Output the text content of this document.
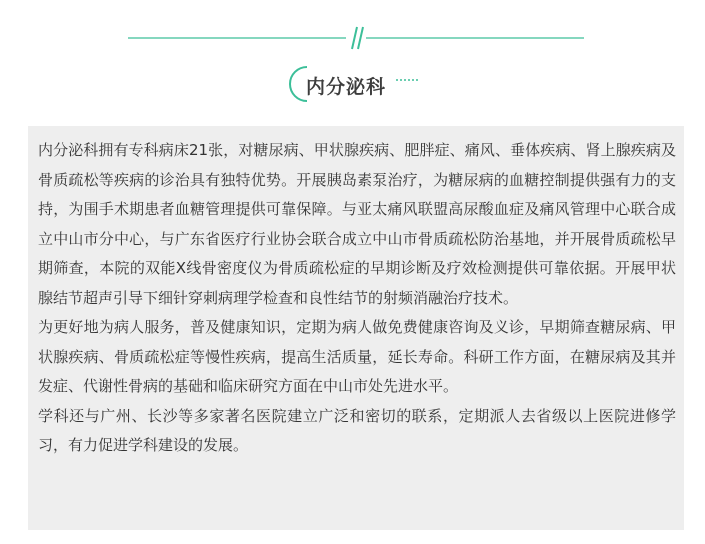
内分泌科

内分泌科拥有专科病床21张，对糖尿病、甲状腺疾病、肥胖症、痛风、垂体疾病、肾上腺疾病及骨质疏松等疾病的诊治具有独特优势。开展胰岛素泵治疗，为糖尿病的血糖控制提供强有力的支持，为围手术期患者血糖管理提供可靠保障。与亚太痛风联盟高尿酸血症及痛风管理中心联合成立中山市分中心，与广东省医疗行业协会联合成立中山市骨质疏松防治基地，并开展骨质疏松早期筛查，本院的双能X线骨密度仪为骨质疏松症的早期诊断及疗效检测提供可靠依据。开展甲状腺结节超声引导下细针穿刺病理学检查和良性结节的射频消融治疗技术。

为更好地为病人服务，普及健康知识，定期为病人做免费健康咨询及义诊，早期筛查糖尿病、甲状腺疾病、骨质疏松症等慢性疾病，提高生活质量，延长寿命。科研工作方面，在糖尿病及其并发症、代谢性骨病的基础和临床研究方面在中山市处先进水平。

学科还与广州、长沙等多家著名医院建立广泛和密切的联系，定期派人去省级以上医院进修学习，有力促进学科建设的发展。
